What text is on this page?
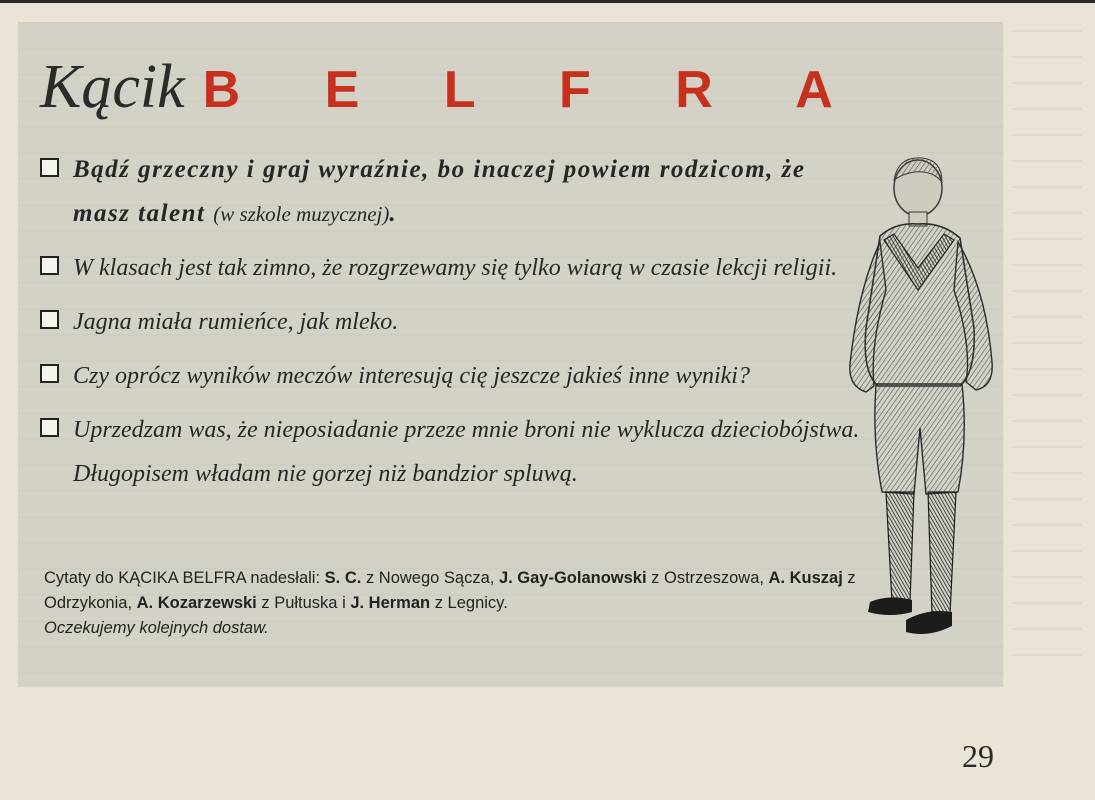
Kącik B E L F R A
Bądź grzeczny i graj wyraźnie, bo inaczej powiem rodzicom, że masz talent (w szkole muzycznej).
W klasach jest tak zimno, że rozgrzewamy się tylko wiarą w czasie lekcji religii.
Jagna miała rumieńce, jak mleko.
Czy oprócz wyników meczów interesują cię jeszcze jakieś inne wyniki?
Uprzedzam was, że nieposiadanie przeze mnie broni nie wyklucza dzieciobójstwa. Długopisem władam nie gorzej niż bandzior spluwą.
Cytaty do KĄCIKA BELFRA nadesłali: S. C. z Nowego Sącza, J. Gay-Golanowski z Ostrzeszowa, A. Kuszaj z Odrzykonia, A. Kozarzewski z Pułtuska i J. Herman z Legnicy.
Oczekujemy kolejnych dostaw.
29
